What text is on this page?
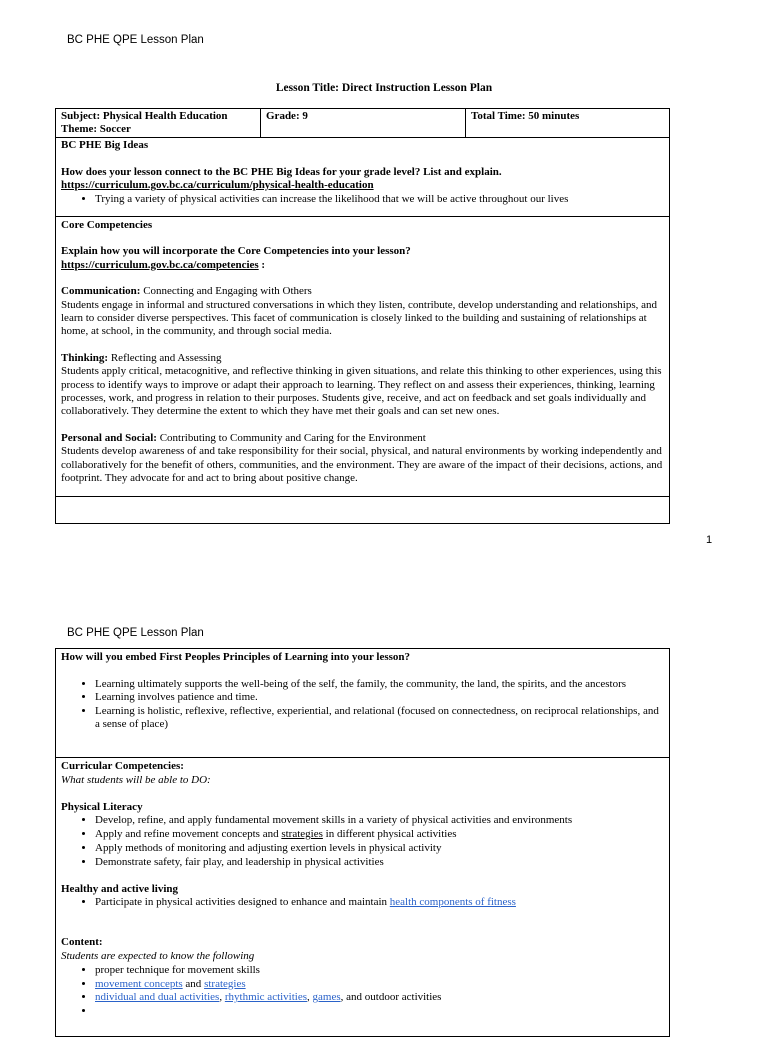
BC PHE QPE Lesson Plan
Lesson Title: Direct Instruction Lesson Plan

Subject: Physical Health Education

Theme: Soccer

Grade: 9	Total Time: 50 minutes

BC PHE Big Ideas

How does your lesson connect to the BC PHE Big Ideas for your grade level? List and explain.

https://curriculum.gov.bc.ca/curriculum/physical-health-education

• Trying a variety of physical activities can increase the likelihood that we will be active throughout our lives

Core Competencies

Explain how you will incorporate the Core Competencies into your lesson?

https://curriculum.gov.bc.ca/competencies :

Communication: Connecting and Engaging with Others

Students engage in informal and structured conversations in which they listen, contribute, develop understanding and relationships, and learn to consider diverse perspectives. This facet of communication is closely linked to the building and sustaining of relationships at home, at school, in the community, and through social media.

Thinking: Reflecting and Assessing

Students apply critical, metacognitive, and reflective thinking in given situations, and relate this thinking to other experiences, using this process to identify ways to improve or adapt their approach to learning. They reflect on and assess their experiences, thinking, learning processes, work, and progress in relation to their purposes. Students give, receive, and act on feedback and set goals individually and collaboratively. They determine the extent to which they have met their goals and can set new ones.

Personal and Social: Contributing to Community and Caring for the Environment

Students develop awareness of and take responsibility for their social, physical, and natural environments by working independently and collaboratively for the benefit of others, communities, and the environment. They are aware of the impact of their decisions, actions, and footprint. They advocate for and act to bring about positive change.

1
BC PHE QPE Lesson Plan

How will you embed First Peoples Principles of Learning into your lesson?

• Learning ultimately supports the well-being of the self, the family, the community, the land, the spirits, and the ancestors
• Learning involves patience and time.
• Learning is holistic, reflexive, reflective, experiential, and relational (focused on connectedness, on reciprocal relationships, and a sense of place)

Curricular Competencies:

What students will be able to DO:

Physical Literacy

• Develop, refine, and apply fundamental movement skills in a variety of physical activities and environments
• Apply and refine movement concepts and strategies in different physical activities
• Apply methods of monitoring and adjusting exertion levels in physical activity
• Demonstrate safety, fair play, and leadership in physical activities

Healthy and active living

• Participate in physical activities designed to enhance and maintain health components of fitness

Content:

Students are expected to know the following

• proper technique for movement skills
• movement concepts and strategies
• ndividual and dual activities, rhythmic activities, games, and outdoor activities
•
